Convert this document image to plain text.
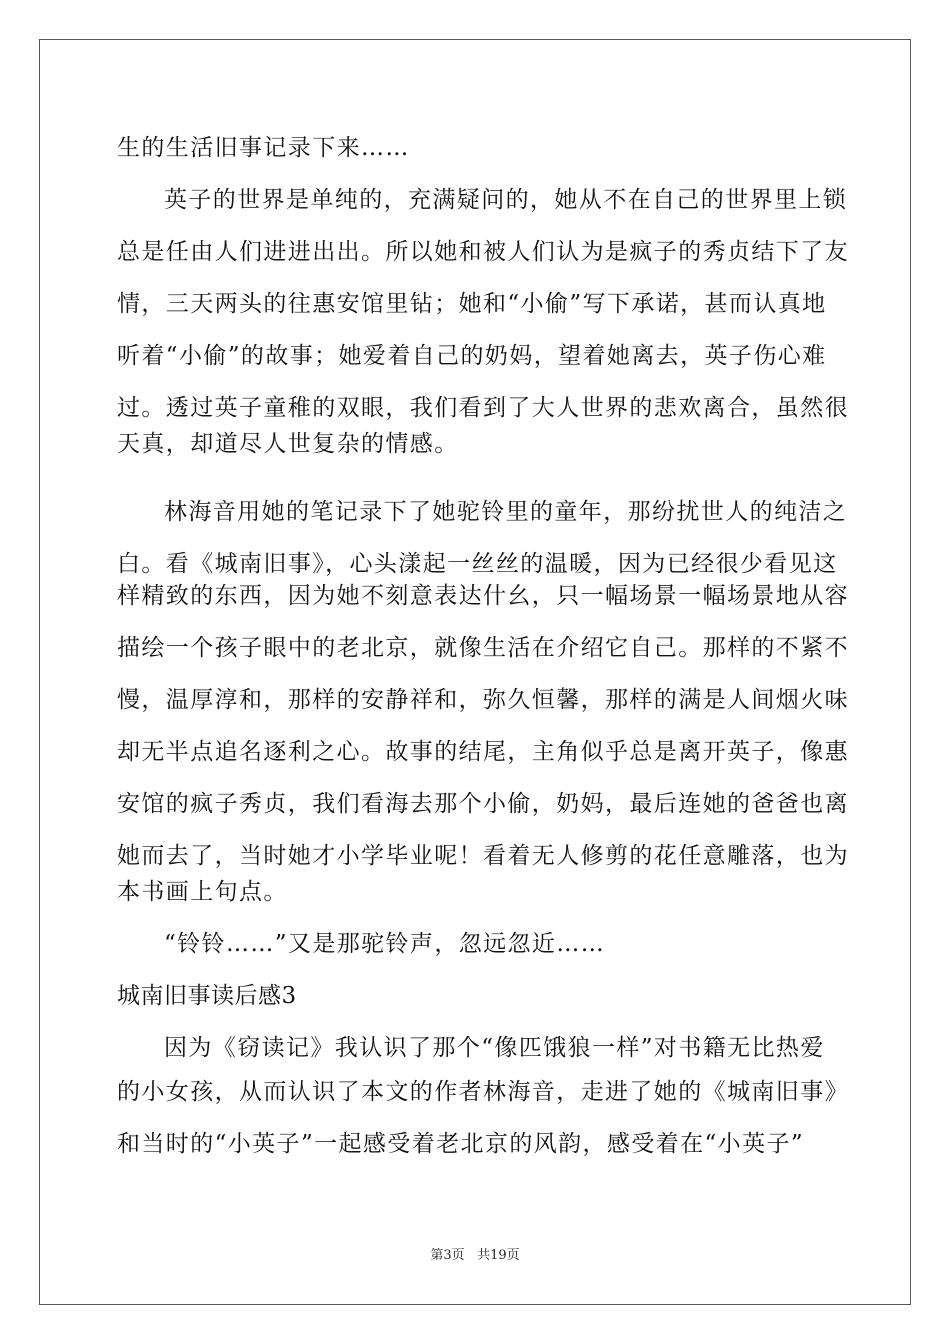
生的生活旧事记录下来……
英子的世界是单纯的，充满疑问的，她从不在自己的世界里上锁
总是任由人们进进出出。所以她和被人们认为是疯子的秀贞结下了友
情，三天两头的往惠安馆里钻；她和“小偷”写下承诺，甚而认真地
听着“小偷”的故事；她爱着自己的奶妈，望着她离去，英子伤心难
过。透过英子童稚的双眼，我们看到了大人世界的悲欢离合，虽然很
天真，却道尽人世复杂的情感。
林海音用她的笔记录下了她驼铃里的童年，那纷扰世人的纯洁之
白。看《城南旧事》，心头漾起一丝丝的温暖，因为已经很少看见这
样精致的东西，因为她不刻意表达什幺，只一幅场景一幅场景地从容
描绘一个孩子眼中的老北京，就像生活在介绍它自己。那样的不紧不
慢，温厚淳和，那样的安静祥和，弥久恒馨，那样的满是人间烟火味
却无半点追名逐利之心。故事的结尾，主角似乎总是离开英子，像惠
安馆的疯子秀贞，我们看海去那个小偷，奶妈，最后连她的爸爸也离
她而去了，当时她才小学毕业呢！看着无人修剪的花任意雕落，也为
本书画上句点。
“铃铃……”又是那驼铃声，忽远忽近……
城南旧事读后感3
因为《窃读记》我认识了那个“像匹饿狼一样”对书籍无比热爱
的小女孩，从而认识了本文的作者林海音，走进了她的《城南旧事》
和当时的“小英子”一起感受着老北京的风韵，感受着在“小英子”
第3页 共19页
